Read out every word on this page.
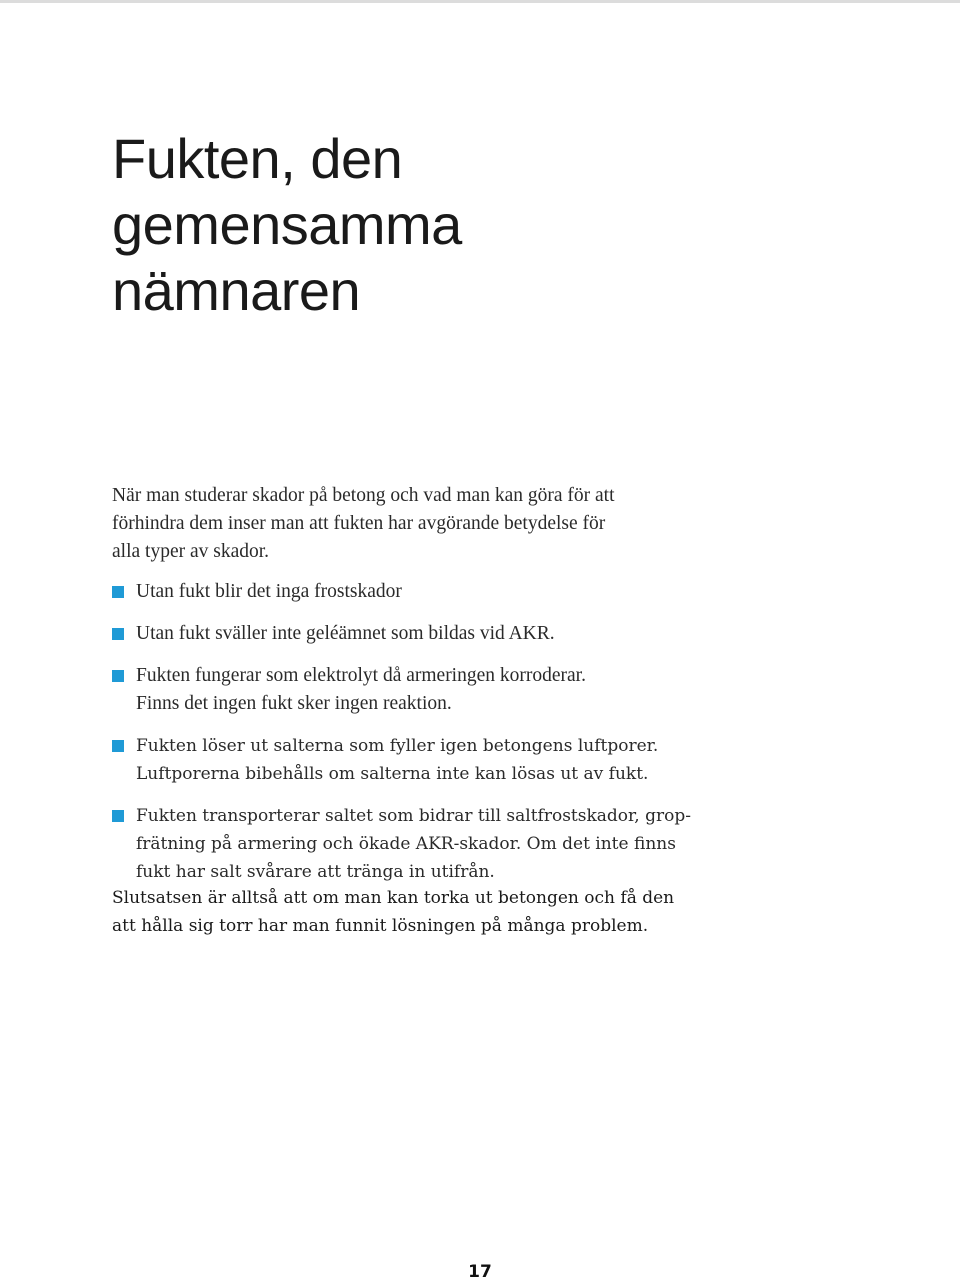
Fukten, den
gemensamma
nämnaren

När man studerar skador på betong och vad man kan göra för att
förhindra dem inser man att fukten har avgörande betydelse för
alla typer av skador.

Utan fukt blir det inga frostskador
Utan fukt sväller inte geléämnet som bildas vid AKR.
Fukten fungerar som elektrolyt då armeringen korroderar.
Finns det ingen fukt sker ingen reaktion.
Fukten löser ut salterna som fyller igen betongens luftporer.
Luftporerna bibehålls om salterna inte kan lösas ut av fukt.
Fukten transporterar saltet som bidrar till saltfrostskador, grop-
frätning på armering och ökade AKR-skador. Om det inte finns
fukt har salt svårare att tränga in utifrån.

Slutsatsen är alltså att om man kan torka ut betongen och få den
att hålla sig torr har man funnit lösningen på många problem.

17
